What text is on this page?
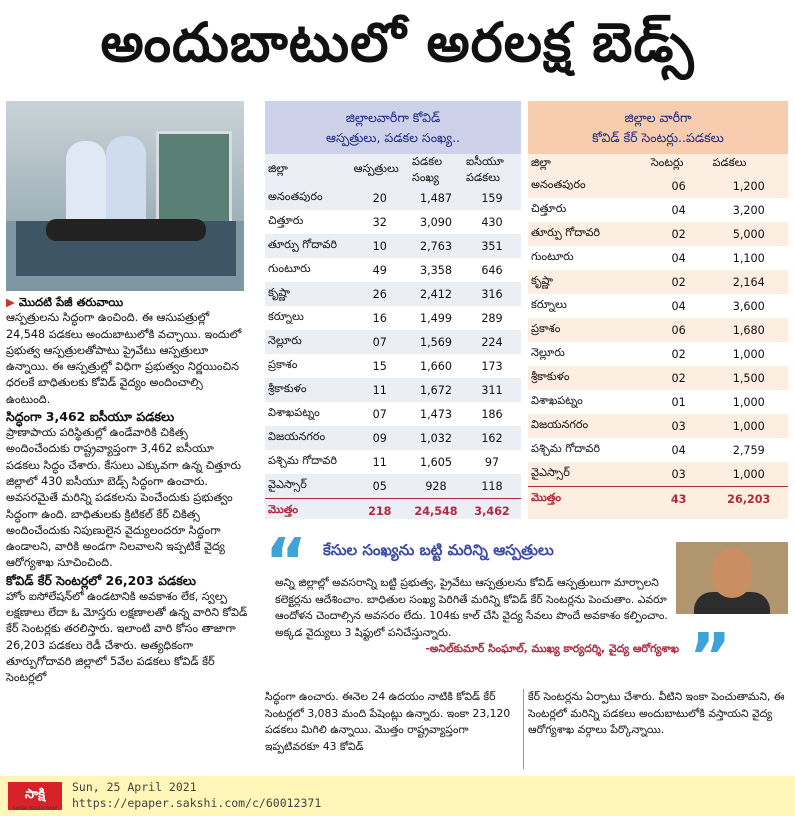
అందుబాటులో అరలక్ష బెడ్స్

▶ మొదటి పేజీ తరువాయి

ఆస్పత్రులను సిద్ధంగా ఉంచింది. ఈ ఆసుపత్రుల్లో 24,548 పడకలు అందుబాటులోకి వచ్చాయి. ఇందులో ప్రభుత్వ ఆస్పత్రులతోపాటు ప్రైవేటు ఆస్పత్రులూ ఉన్నాయి. ఈ ఆస్పత్రుల్లో విధిగా ప్రభుత్వం నిర్ణయించిన ధరలకే బాధితులకు కోవిడ్ వైద్యం అందించాల్సి ఉంటుంది.

సిద్ధంగా 3,462 ఐసీయూ పడకలు

ప్రాణాపాయ పరిస్థితుల్లో ఉండేవారికి చికిత్స అందించేందుకు రాష్ట్రవ్యాప్తంగా 3,462 ఐసీయూ పడకలు సిద్ధం చేశారు. కేసులు ఎక్కువగా ఉన్న చిత్తూరు జిల్లాలో 430 ఐసీయూ బెడ్స్ సిద్ధంగా ఉంచారు. అవసరమైతే మరిన్ని పడకలను పెంచేందుకు ప్రభుత్వం సిద్ధంగా ఉంది. బాధితులకు క్రిటికల్ కేర్ చికిత్స అందించేందుకు నిపుణులైన వైద్యులందరూ సిద్ధంగా ఉండాలని, వారికి అండగా నిలవాలని ఇప్పటికే వైద్య ఆరోగ్యశాఖ సూచించింది.

కోవిడ్ కేర్ సెంటర్లలో 26,203 పడకలు

హోం ఐసోలేషన్‌లో ఉండటానికి అవకాశం లేక, స్వల్ప లక్షణాలు లేదా ఓ మోస్తరు లక్షణాలతో ఉన్న వారిని కోవిడ్ కేర్ సెంటర్లకు తరలిస్తారు. ఇలాంటి వారి కోసం తాజాగా 26,203 పడకలు రెడీ చేశారు. అత్యధికంగా తూర్పుగోదావరి జిల్లాలో 5వేల పడకలు కోవిడ్ కేర్ సెంటర్లలో

జిల్లాలవారీగా కోవిడ్
ఆస్పత్రులు, పడకల సంఖ్య..
జిల్లా	ఆస్పత్రులు	పడకల సంఖ్య	ఐసీయూ పడకలు
అనంతపురం	20	1,487	159
చిత్తూరు	32	3,090	430
తూర్పు గోదావరి	10	2,763	351
గుంటూరు	49	3,358	646
కృష్ణా	26	2,412	316
కర్నూలు	16	1,499	289
నెల్లూరు	07	1,569	224
ప్రకాశం	15	1,660	173
శ్రీకాకుళం	11	1,672	311
విశాఖపట్నం	07	1,473	186
విజయనగరం	09	1,032	162
పశ్చిమ గోదావరి	11	1,605	97
వైఎస్సార్	05	928	118
మొత్తం	218	24,548	3,462
జిల్లాల వారీగా
కోవిడ్ కేర్ సెంటర్లు..పడకలు
జిల్లా	సెంటర్లు	పడకలు
అనంతపురం	06	1,200
చిత్తూరు	04	3,200
తూర్పు గోదావరి	02	5,000
గుంటూరు	04	1,100
కృష్ణా	02	2,164
కర్నూలు	04	3,600
ప్రకాశం	06	1,680
నెల్లూరు	02	1,000
శ్రీకాకుళం	02	1,500
విశాఖపట్నం	01	1,000
విజయనగరం	03	1,000
పశ్చిమ గోదావరి	04	2,759
వైఎస్సార్	03	1,000
మొత్తం	43	26,203
“ కేసుల సంఖ్యను బట్టి మరిన్ని ఆస్పత్రులు
అన్ని జిల్లాల్లో అవసరాన్ని బట్టి ప్రభుత్వ, ప్రైవేటు ఆస్పత్రులను కోవిడ్ ఆస్పత్రులుగా మార్చాలని కలెక్టర్లను ఆదేశించాం. బాధితుల సంఖ్య పెరిగితే మరిన్ని కోవిడ్ కేర్ సెంటర్లను పెంచుతాం. ఎవరూ ఆందోళన చెందాల్సిన అవసరం లేదు. 104కు కాల్ చేసి వైద్య సేవలు పొందే అవకాశం కల్పించాం. అక్కడ వైద్యులు 3 షిఫ్టులో పనిచేస్తున్నారు.
-అనిల్‌కుమార్ సింఘాల్, ముఖ్య కార్యదర్శి, వైద్య ఆరోగ్యశాఖ ”
సిద్ధంగా ఉంచారు. ఈనెల 24 ఉదయం నాటికి కోవిడ్ కేర్ సెంటర్లలో 3,083 మంది పేషెంట్లు ఉన్నారు. ఇంకా 23,120 పడకలు మిగిలి ఉన్నాయి. మొత్తం రాష్ట్రవ్యాప్తంగా ఇప్పటివరకూ 43 కోవిడ్
కేర్ సెంటర్లను ఏర్పాటు చేశారు. వీటిని ఇంకా పెంచుతామని, ఈ సెంటర్లలో మరిన్ని పడకలు అందుబాటులోకి వస్తాయని వైద్య ఆరోగ్యశాఖ వర్గాలు పేర్కొన్నాయి.
సాక్షి
SAKSHI TELUGU DAILY
Sun, 25 April 2021
https://epaper.sakshi.com/c/60012371
